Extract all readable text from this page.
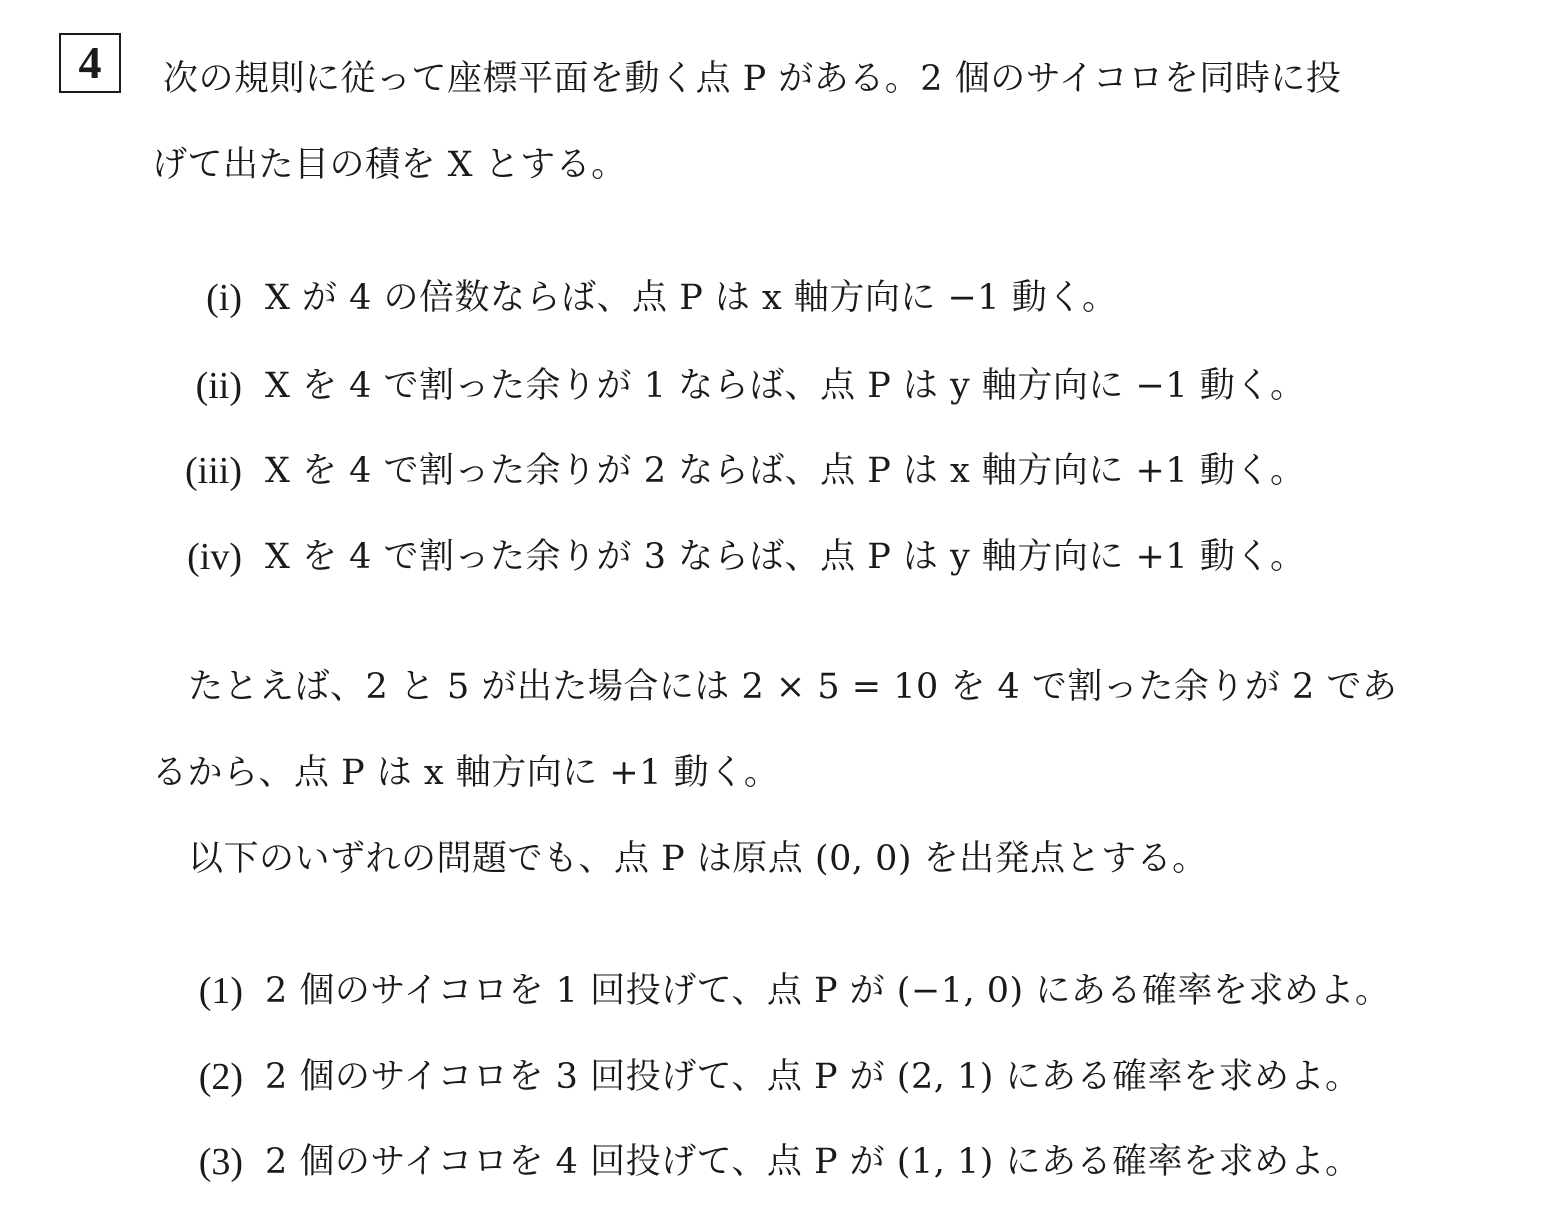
4 次の規則に従って座標平面を動く点 P がある。2 個のサイコロを同時に投
げて出た目の積を X とする。
(i) X が 4 の倍数ならば、点 P は x 軸方向に −1 動く。
(ii) X を 4 で割った余りが 1 ならば、点 P は y 軸方向に −1 動く。
(iii) X を 4 で割った余りが 2 ならば、点 P は x 軸方向に +1 動く。
(iv) X を 4 で割った余りが 3 ならば、点 P は y 軸方向に +1 動く。
たとえば、2 と 5 が出た場合には 2 × 5 = 10 を 4 で割った余りが 2 であ
るから、点 P は x 軸方向に +1 動く。
以下のいずれの問題でも、点 P は原点 (0, 0) を出発点とする。
(1) 2 個のサイコロを 1 回投げて、点 P が (−1, 0) にある確率を求めよ。
(2) 2 個のサイコロを 3 回投げて、点 P が (2, 1) にある確率を求めよ。
(3) 2 個のサイコロを 4 回投げて、点 P が (1, 1) にある確率を求めよ。
